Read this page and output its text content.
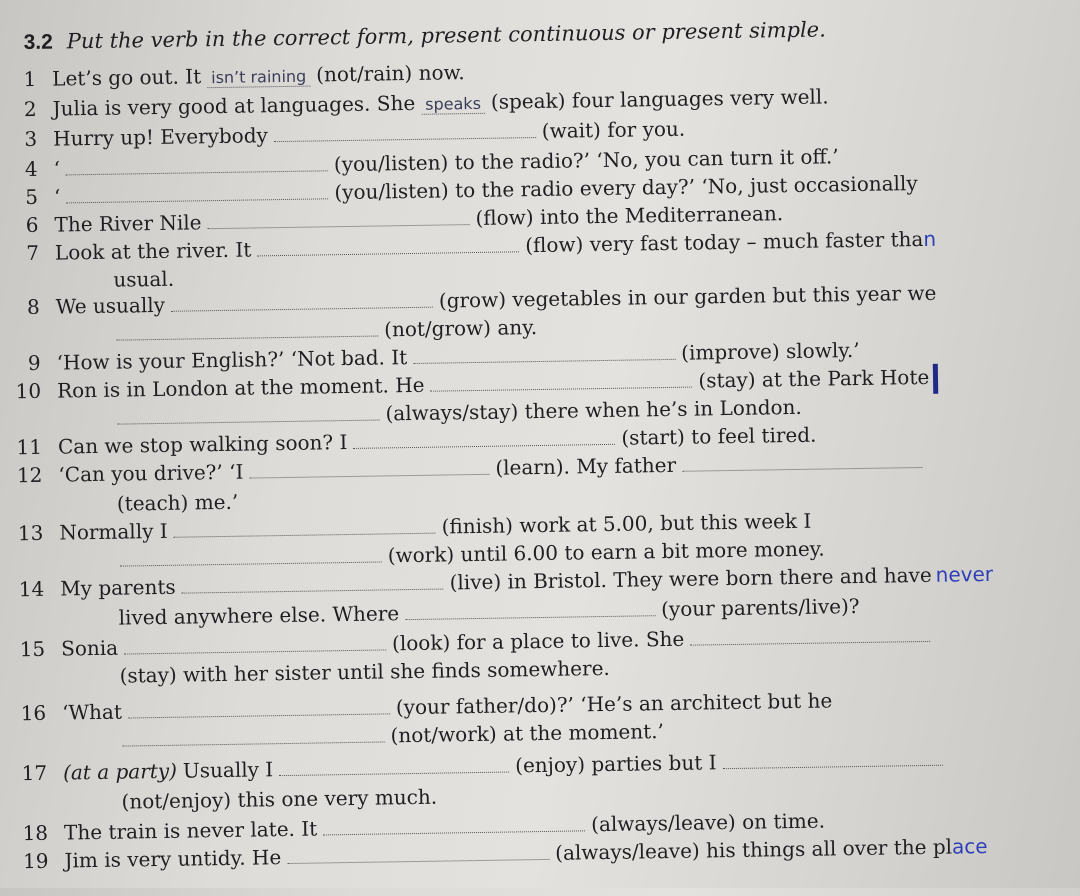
3.2 Put the verb in the correct form, present continuous or present simple.
1 Let’s go out. It isn’t raining (not/rain) now.
2 Julia is very good at languages. She speaks (speak) four languages very well.
3 Hurry up! Everybody	(wait) for you.
4 ‘	(you/listen) to the radio?’ ‘No, you can turn it off.’
5 ‘	(you/listen) to the radio every day?’ ‘No, just occasionally
6 The River Nile	(flow) into the Mediterranean.
7 Look at the river. It	(flow) very fast today – much faster than
usual.
8 We usually	(grow) vegetables in our garden but this year we
(not/grow) any.
9 ‘How is your English?’ ‘Not bad. It	(improve) slowly.’
10 Ron is in London at the moment. He	(stay) at the Park Hote
(always/stay) there when he’s in London.
11 Can we stop walking soon? I	(start) to feel tired.
12 ‘Can you drive?’ ‘I	(learn). My father
(teach) me.’
13 Normally I	(finish) work at 5.00, but this week I
(work) until 6.00 to earn a bit more money.
14 My parents	(live) in Bristol. They were born there and have never
lived anywhere else. Where	(your parents/live)?
15 Sonia	(look) for a place to live. She
(stay) with her sister until she finds somewhere.
16 ‘What	(your father/do)?’ ‘He’s an architect but he
(not/work) at the moment.’
17 (at a party) Usually I	(enjoy) parties but I
(not/enjoy) this one very much.
18 The train is never late. It	(always/leave) on time.
19 Jim is very untidy. He	(always/leave) his things all over the place
